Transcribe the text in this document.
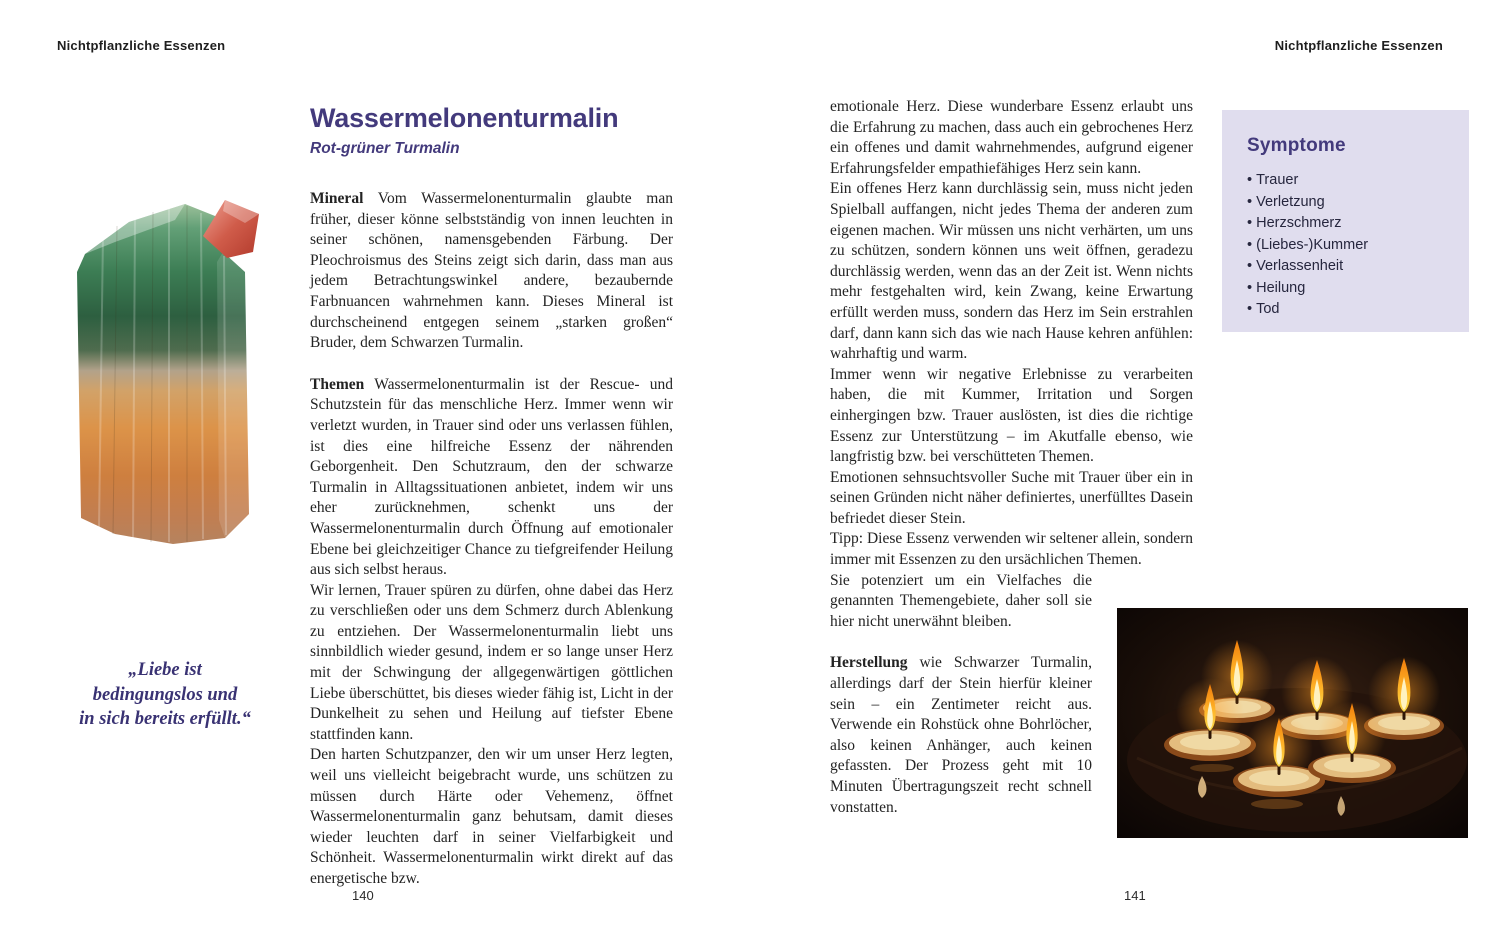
Nichtpflanzliche Essenzen	Nichtpflanzliche Essenzen
„Liebe ist
bedingungslos und
in sich bereits erfüllt.“
Wassermelonenturmalin
Rot-grüner Turmalin

Mineral Vom Wassermelonenturmalin glaubte man früher, dieser könne selbstständig von innen leuchten in seiner schönen, namensgebenden Färbung. Der Pleochroismus des Steins zeigt sich darin, dass man aus jedem Betrachtungswinkel andere, bezaubernde Farbnuancen wahrnehmen kann. Dieses Mineral ist durchscheinend entgegen seinem „starken großen“ Bruder, dem Schwarzen Turmalin.

Themen Wassermelonenturmalin ist der Rescue- und Schutzstein für das menschliche Herz. Immer wenn wir verletzt wurden, in Trauer sind oder uns verlassen fühlen, ist dies eine hilfreiche Essenz der nährenden Geborgenheit. Den Schutzraum, den der schwarze Turmalin in Alltagssituationen anbietet, indem wir uns eher zurücknehmen, schenkt uns der Wassermelonenturmalin durch Öffnung auf emotionaler Ebene bei gleichzeitiger Chance zu tiefgreifender Heilung aus sich selbst heraus.

Wir lernen, Trauer spüren zu dürfen, ohne dabei das Herz zu verschließen oder uns dem Schmerz durch Ablenkung zu entziehen. Der Wassermelonenturmalin liebt uns sinnbildlich wieder gesund, indem er so lange unser Herz mit der Schwingung der allgegenwärtigen göttlichen Liebe überschüttet, bis dieses wieder fähig ist, Licht in der Dunkelheit zu sehen und Heilung auf tiefster Ebene stattfinden kann.

Den harten Schutzpanzer, den wir um unser Herz legten, weil uns vielleicht beigebracht wurde, uns schützen zu müssen durch Härte oder Vehemenz, öffnet Wassermelonenturmalin ganz behutsam, damit dieses wieder leuchten darf in seiner Vielfarbigkeit und Schönheit. Wassermelonenturmalin wirkt direkt auf das energetische bzw.

emotionale Herz. Diese wunderbare Essenz erlaubt uns die Erfahrung zu machen, dass auch ein gebrochenes Herz ein offenes und damit wahrnehmendes, aufgrund eigener Erfahrungsfelder empathiefähiges Herz sein kann.

Ein offenes Herz kann durchlässig sein, muss nicht jeden Spielball auffangen, nicht jedes Thema der anderen zum eigenen machen. Wir müssen uns nicht verhärten, um uns zu schützen, sondern können uns weit öffnen, geradezu durchlässig werden, wenn das an der Zeit ist. Wenn nichts mehr festgehalten wird, kein Zwang, keine Erwartung erfüllt werden muss, sondern das Herz im Sein erstrahlen darf, dann kann sich das wie nach Hause kehren anfühlen: wahrhaftig und warm.

Immer wenn wir negative Erlebnisse zu verarbeiten haben, die mit Kummer, Irritation und Sorgen einhergingen bzw. Trauer auslösten, ist dies die richtige Essenz zur Unterstützung – im Akutfalle ebenso, wie langfristig bzw. bei verschütteten Themen.

Emotionen sehnsuchtsvoller Suche mit Trauer über ein in seinen Gründen nicht näher definiertes, unerfülltes Dasein befriedet dieser Stein.

Tipp: Diese Essenz verwenden wir seltener allein, sondern immer mit Essenzen zu den ursächlichen Themen.

Sie potenziert um ein Vielfaches die genannten Themengebiete, daher soll sie hier nicht unerwähnt bleiben.

Herstellung wie Schwarzer Turmalin, allerdings darf der Stein hierfür kleiner sein – ein Zentimeter reicht aus. Verwende ein Rohstück ohne Bohrlöcher, also keinen Anhänger, auch keinen gefassten. Der Prozess geht mit 10 Minuten Übertragungszeit recht schnell vonstatten.

Symptome
• Trauer
• Verletzung
• Herzschmerz
• (Liebes-)Kummer
• Verlassenheit
• Heilung
• Tod
140	141
